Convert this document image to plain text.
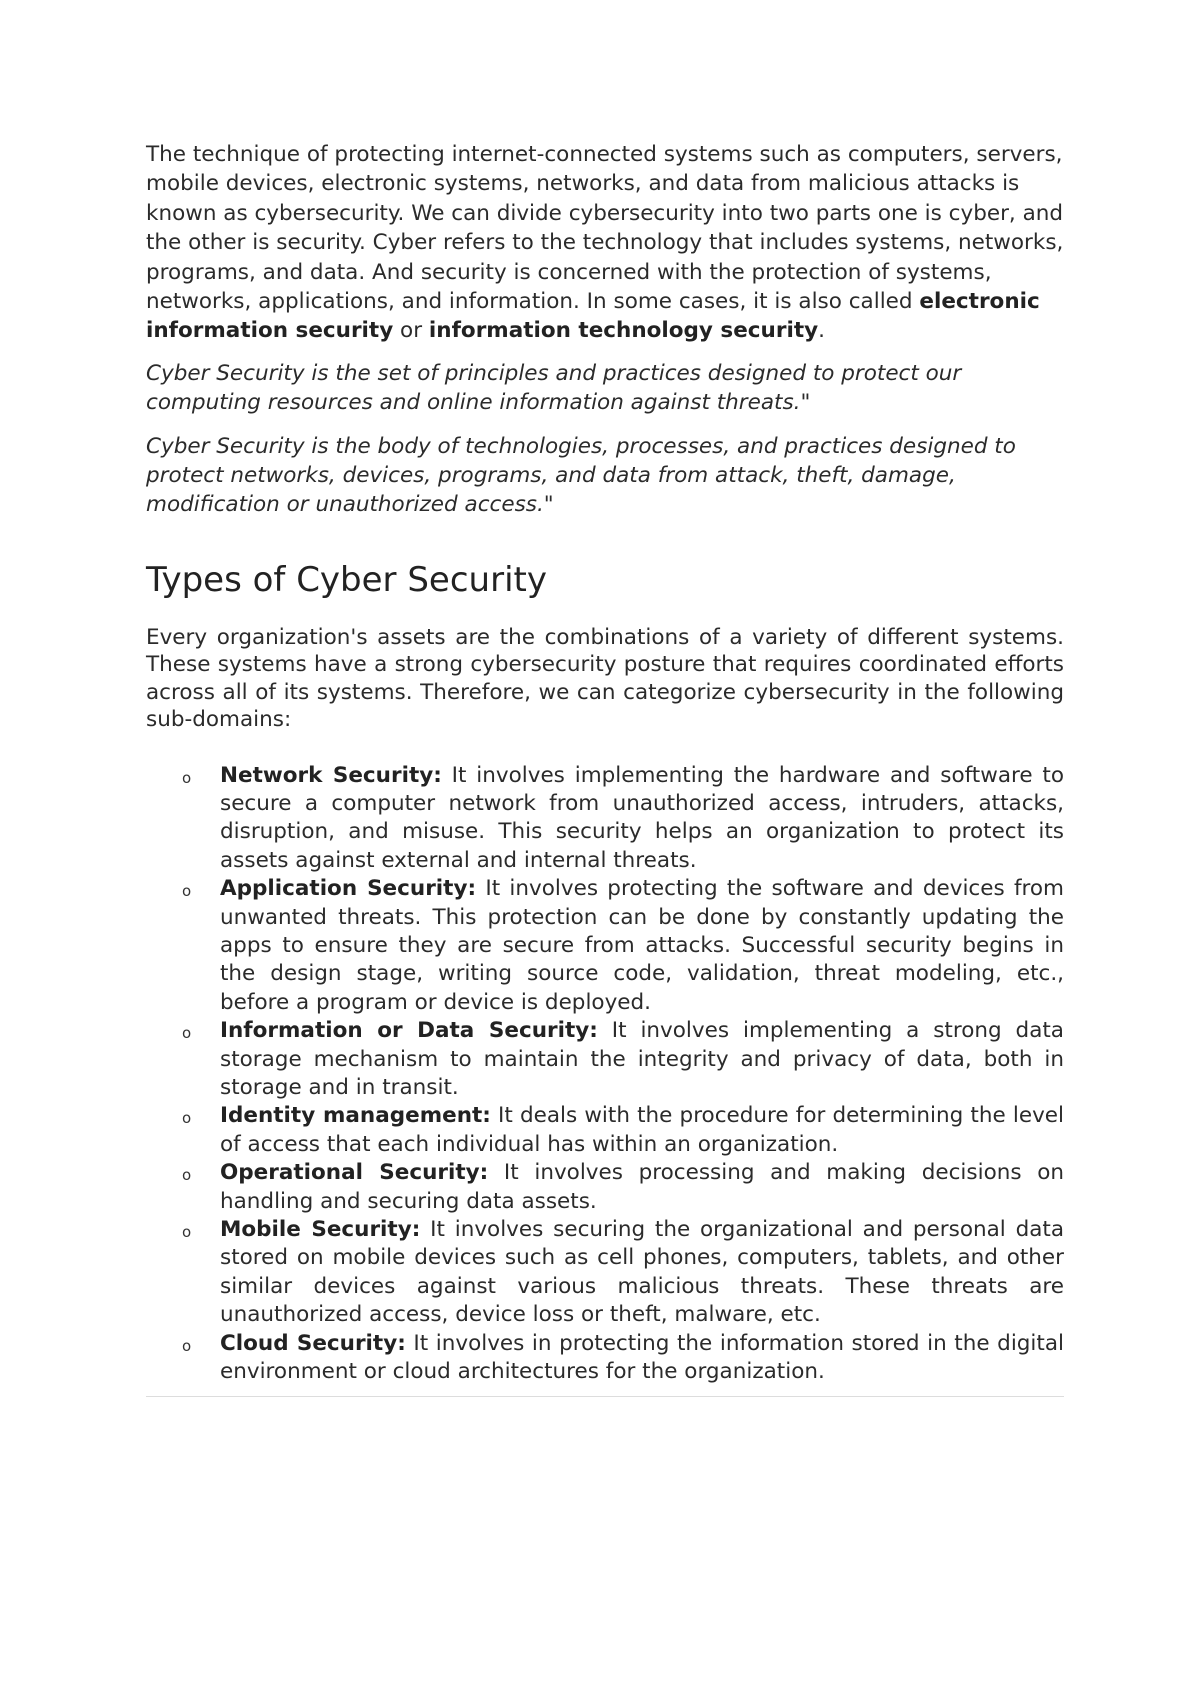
The technique of protecting internet-connected systems such as computers, servers, mobile devices, electronic systems, networks, and data from malicious attacks is known as cybersecurity. We can divide cybersecurity into two parts one is cyber, and the other is security. Cyber refers to the technology that includes systems, networks, programs, and data. And security is concerned with the protection of systems, networks, applications, and information. In some cases, it is also called electronic information security or information technology security.

Cyber Security is the set of principles and practices designed to protect our computing resources and online information against threats."

Cyber Security is the body of technologies, processes, and practices designed to protect networks, devices, programs, and data from attack, theft, damage, modification or unauthorized access."

Types of Cyber Security

Every organization's assets are the combinations of a variety of different systems. These systems have a strong cybersecurity posture that requires coordinated efforts across all of its systems. Therefore, we can categorize cybersecurity in the following sub-domains:

o Network Security: It involves implementing the hardware and software to secure a computer network from unauthorized access, intruders, attacks, disruption, and misuse. This security helps an organization to protect its assets against external and internal threats.
o Application Security: It involves protecting the software and devices from unwanted threats. This protection can be done by constantly updating the apps to ensure they are secure from attacks. Successful security begins in the design stage, writing source code, validation, threat modeling, etc., before a program or device is deployed.
o Information or Data Security: It involves implementing a strong data storage mechanism to maintain the integrity and privacy of data, both in storage and in transit.
o Identity management: It deals with the procedure for determining the level of access that each individual has within an organization.
o Operational Security: It involves processing and making decisions on handling and securing data assets.
o Mobile Security: It involves securing the organizational and personal data stored on mobile devices such as cell phones, computers, tablets, and other similar devices against various malicious threats. These threats are unauthorized access, device loss or theft, malware, etc.
o Cloud Security: It involves in protecting the information stored in the digital environment or cloud architectures for the organization.
